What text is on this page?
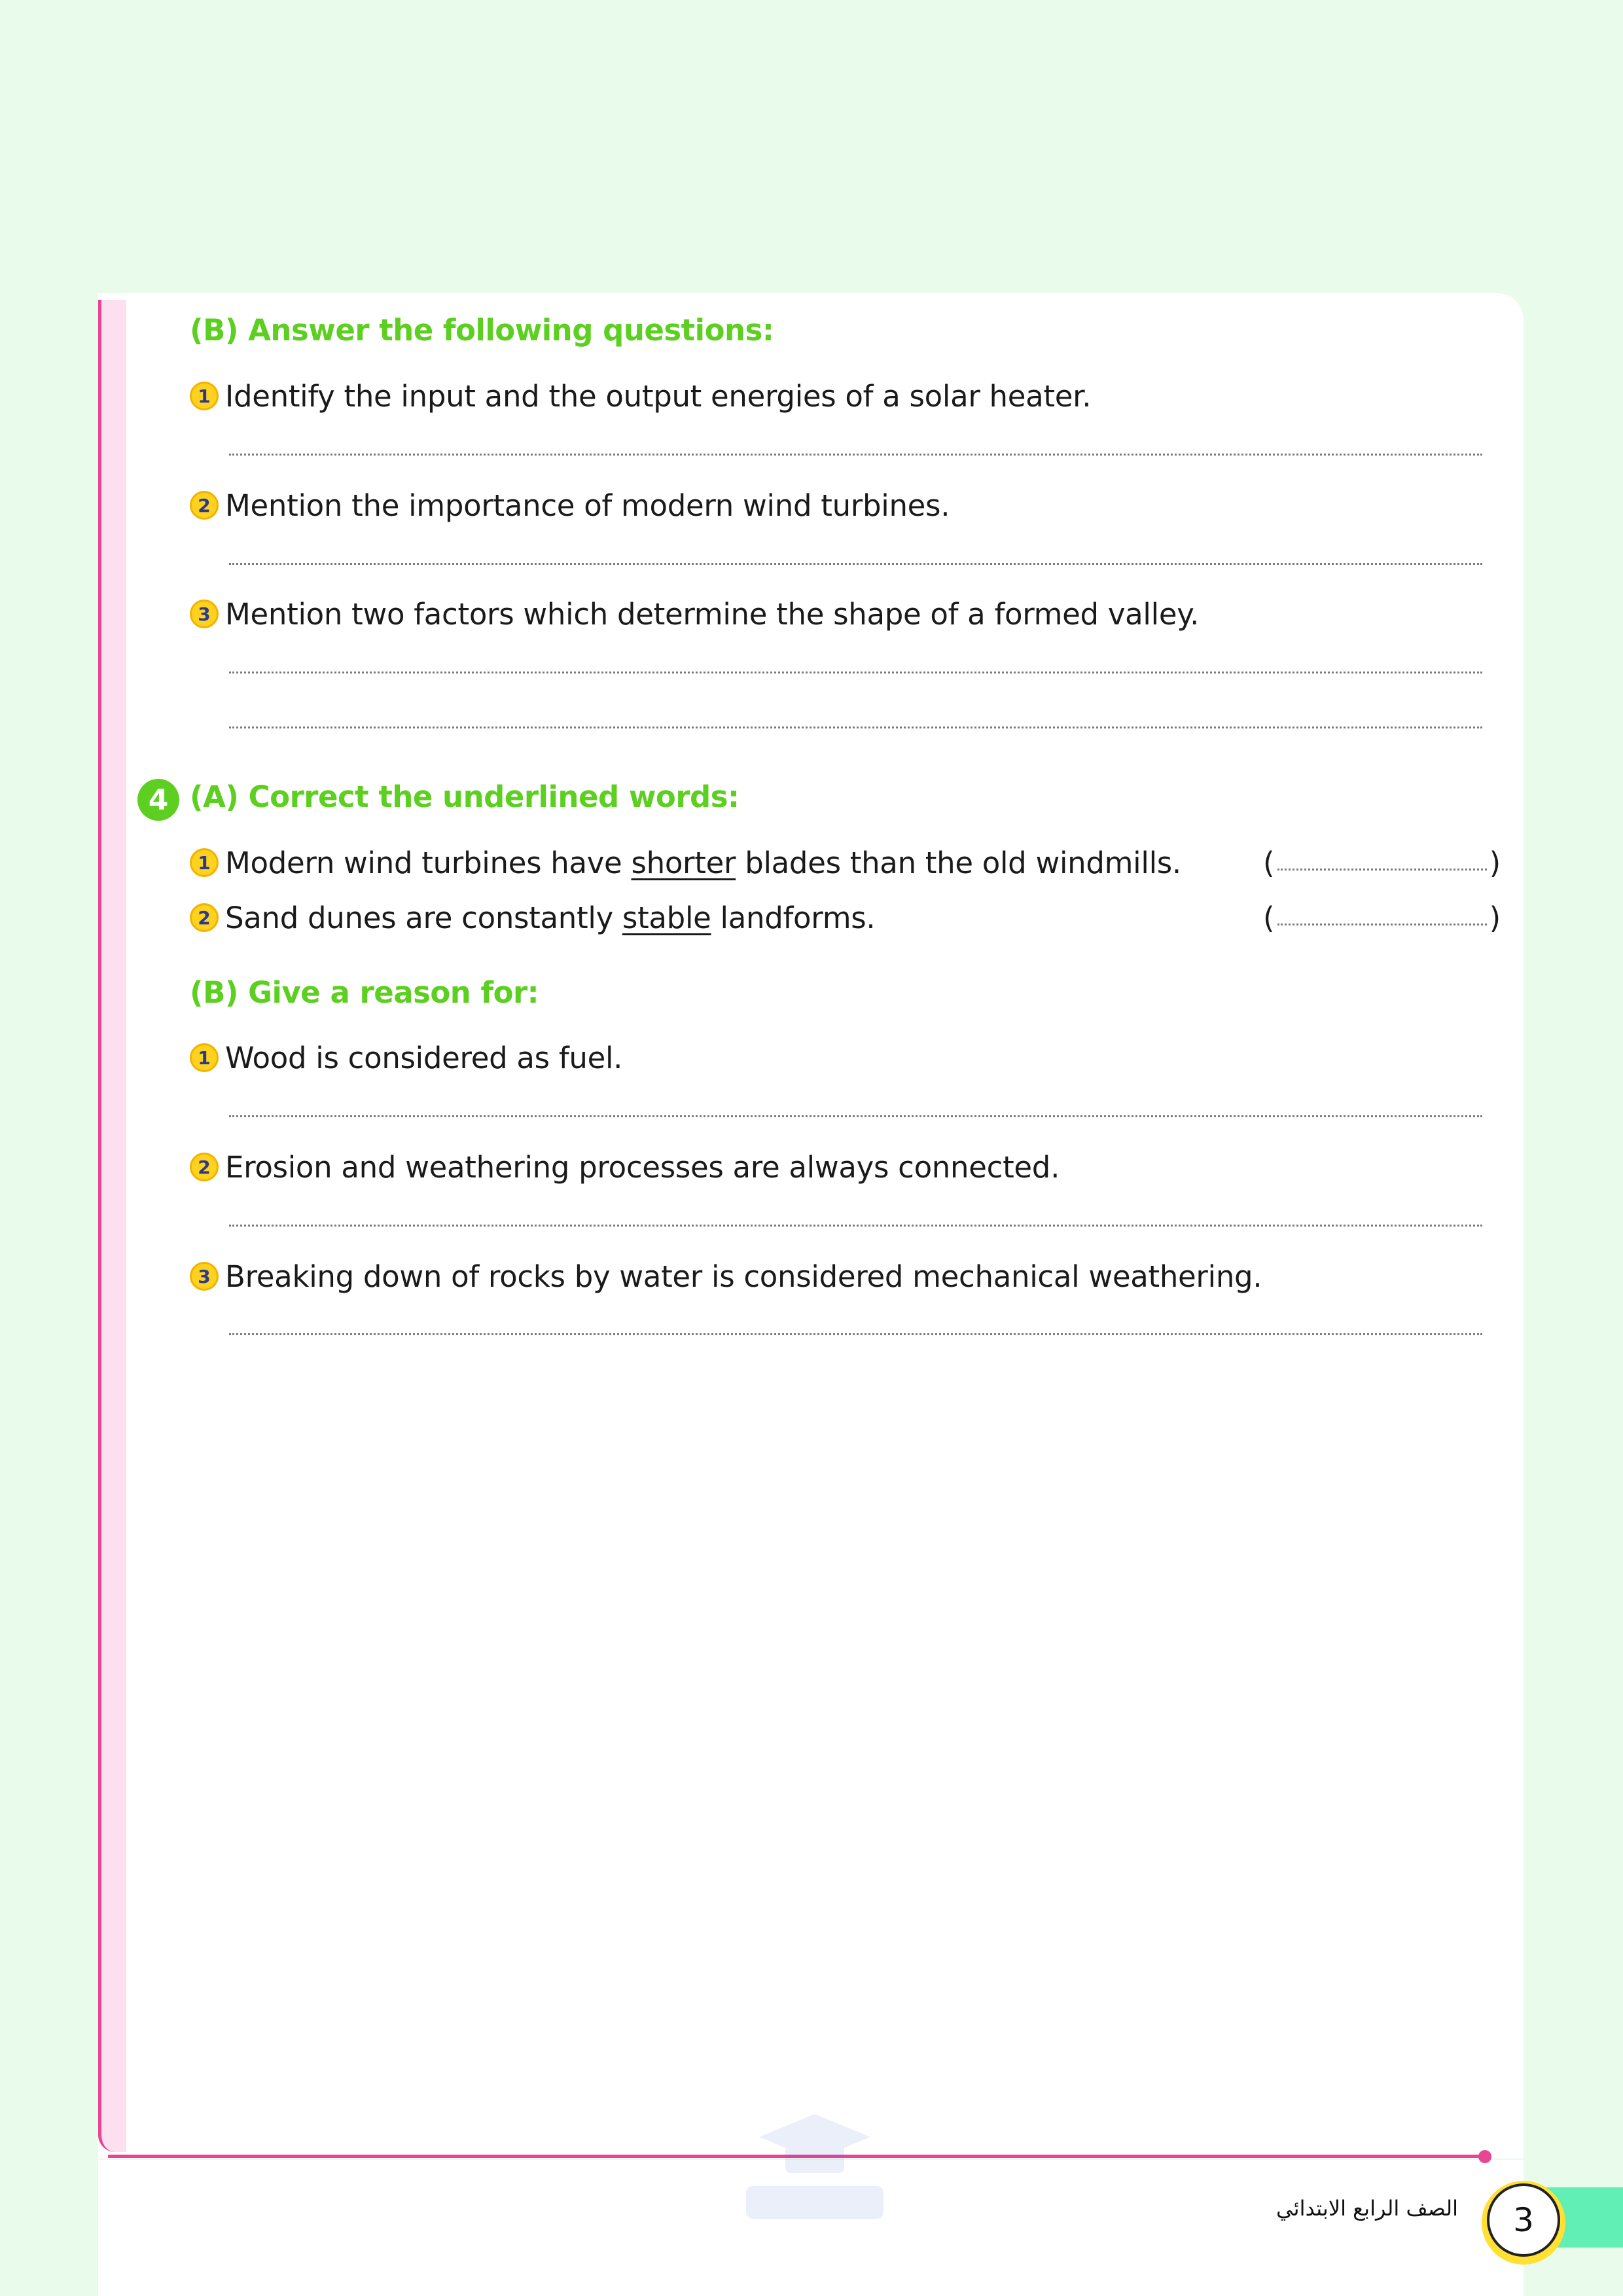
(B) Answer the following questions:
1 Identify the input and the output energies of a solar heater.
2 Mention the importance of modern wind turbines.
3 Mention two factors which determine the shape of a formed valley.
4 (A) Correct the underlined words:
1 Modern wind turbines have shorter blades than the old windmills.	(	)
2 Sand dunes are constantly stable landforms.	(	)
(B) Give a reason for:
1 Wood is considered as fuel.
2 Erosion and weathering processes are always connected.
3 Breaking down of rocks by water is considered mechanical weathering.
الصف الرابع الابتدائي	3
